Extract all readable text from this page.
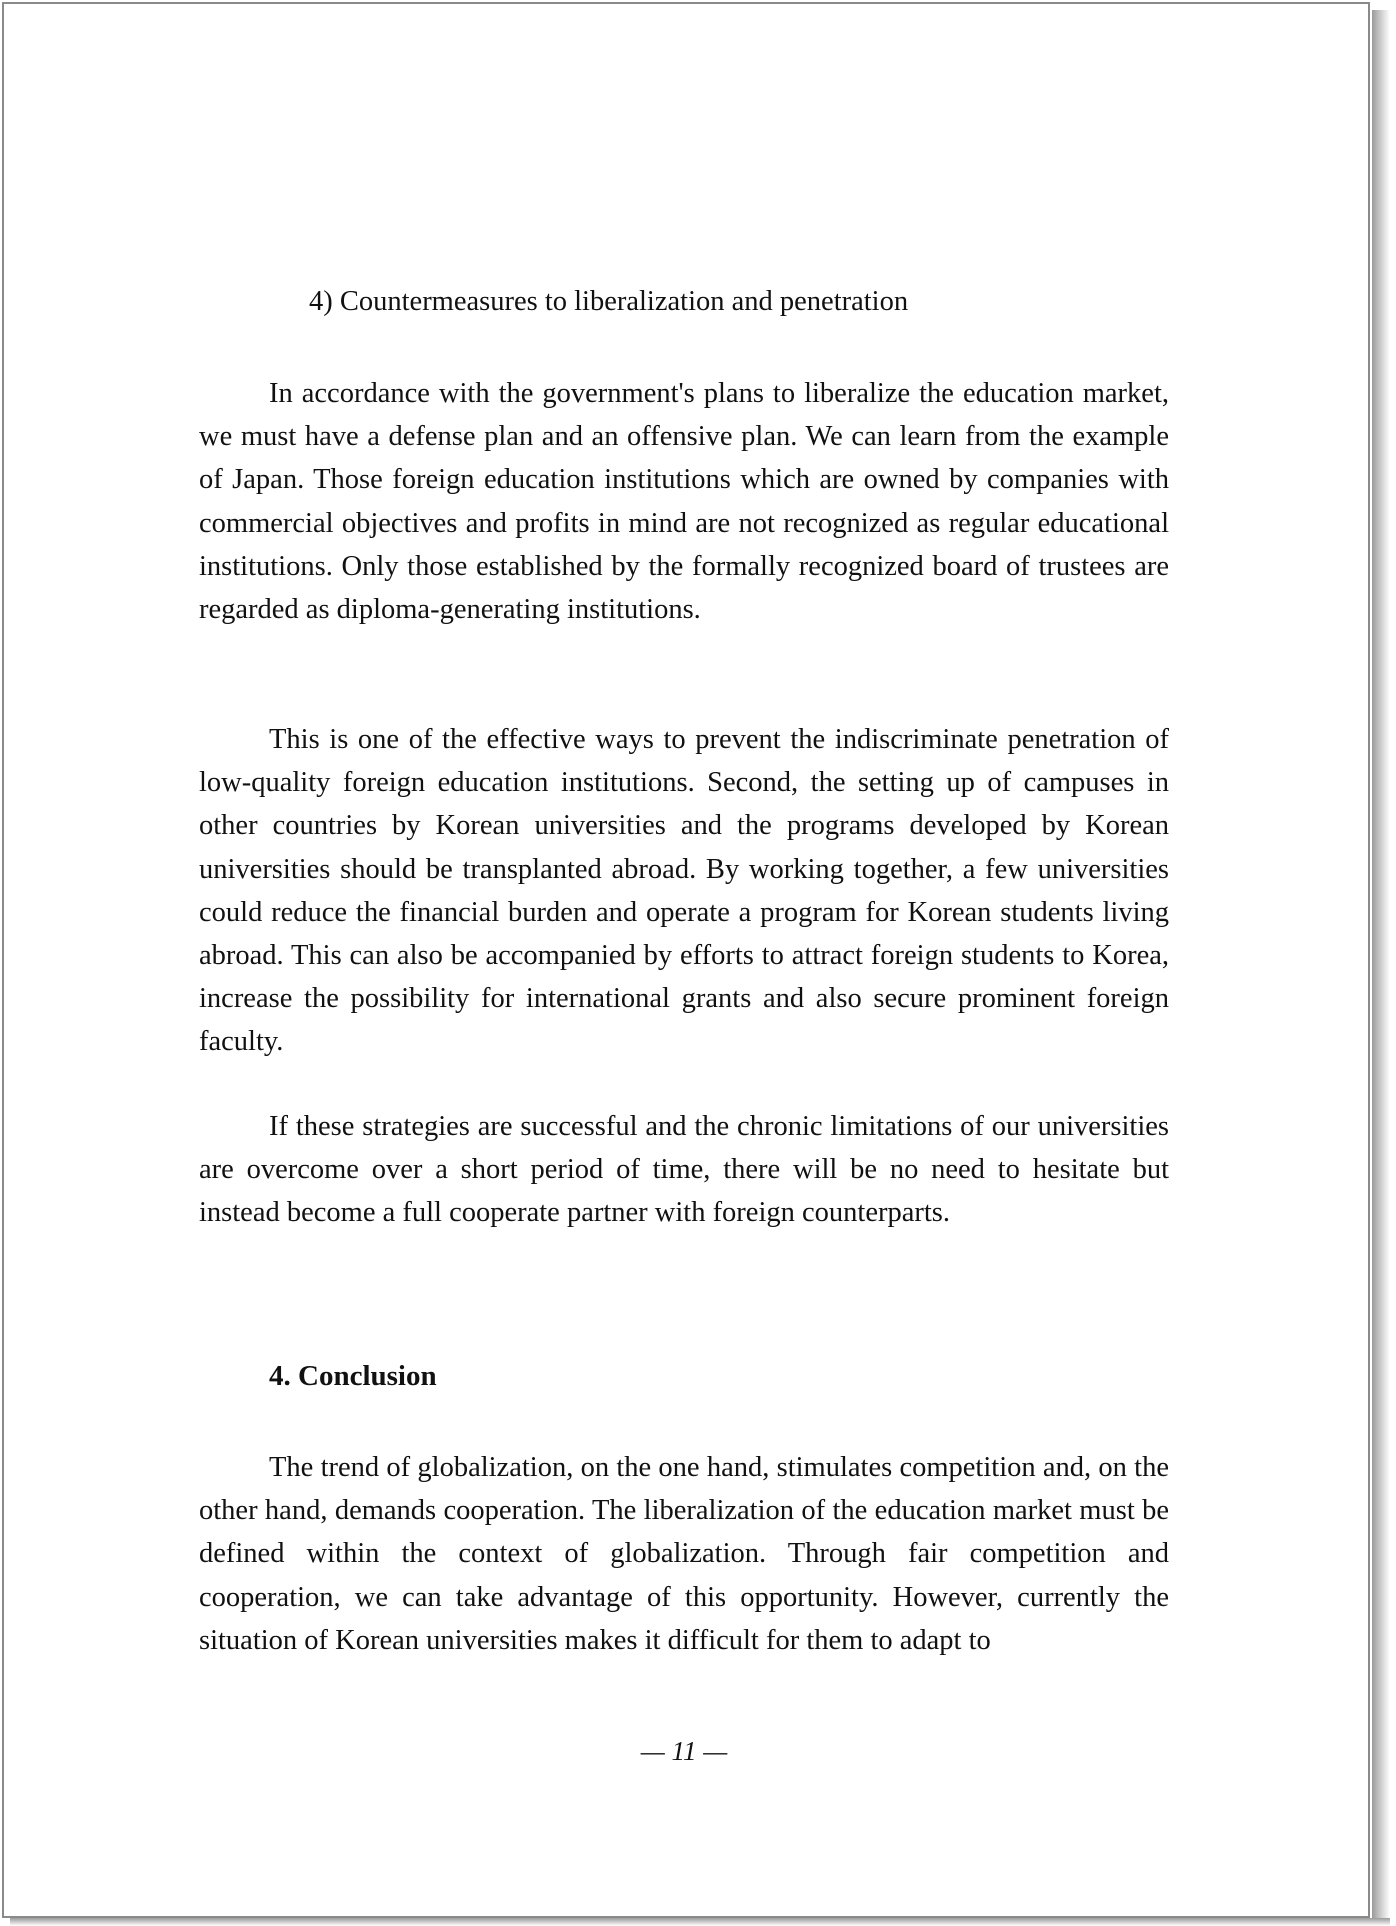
4) Countermeasures to liberalization and penetration

In accordance with the government's plans to liberalize the education market, we must have a defense plan and an offensive plan. We can learn from the example of Japan. Those foreign education institutions which are owned by companies with commercial objectives and profits in mind are not recognized as regular educational institutions. Only those established by the formally recognized board of trustees are regarded as diploma-generating institutions.

This is one of the effective ways to prevent the indiscriminate penetration of low-quality foreign education institutions. Second, the setting up of campuses in other countries by Korean universities and the programs developed by Korean universities should be transplanted abroad. By working together, a few universities could reduce the financial burden and operate a program for Korean students living abroad. This can also be accompanied by efforts to attract foreign students to Korea, increase the possibility for international grants and also secure prominent foreign faculty.

If these strategies are successful and the chronic limitations of our universities are overcome over a short period of time, there will be no need to hesitate but instead become a full cooperate partner with foreign counterparts.

4. Conclusion

The trend of globalization, on the one hand, stimulates competition and, on the other hand, demands cooperation. The liberalization of the education market must be defined within the context of globalization. Through fair competition and cooperation, we can take advantage of this opportunity. However, currently the situation of Korean universities makes it difficult for them to adapt to

— 11 —
